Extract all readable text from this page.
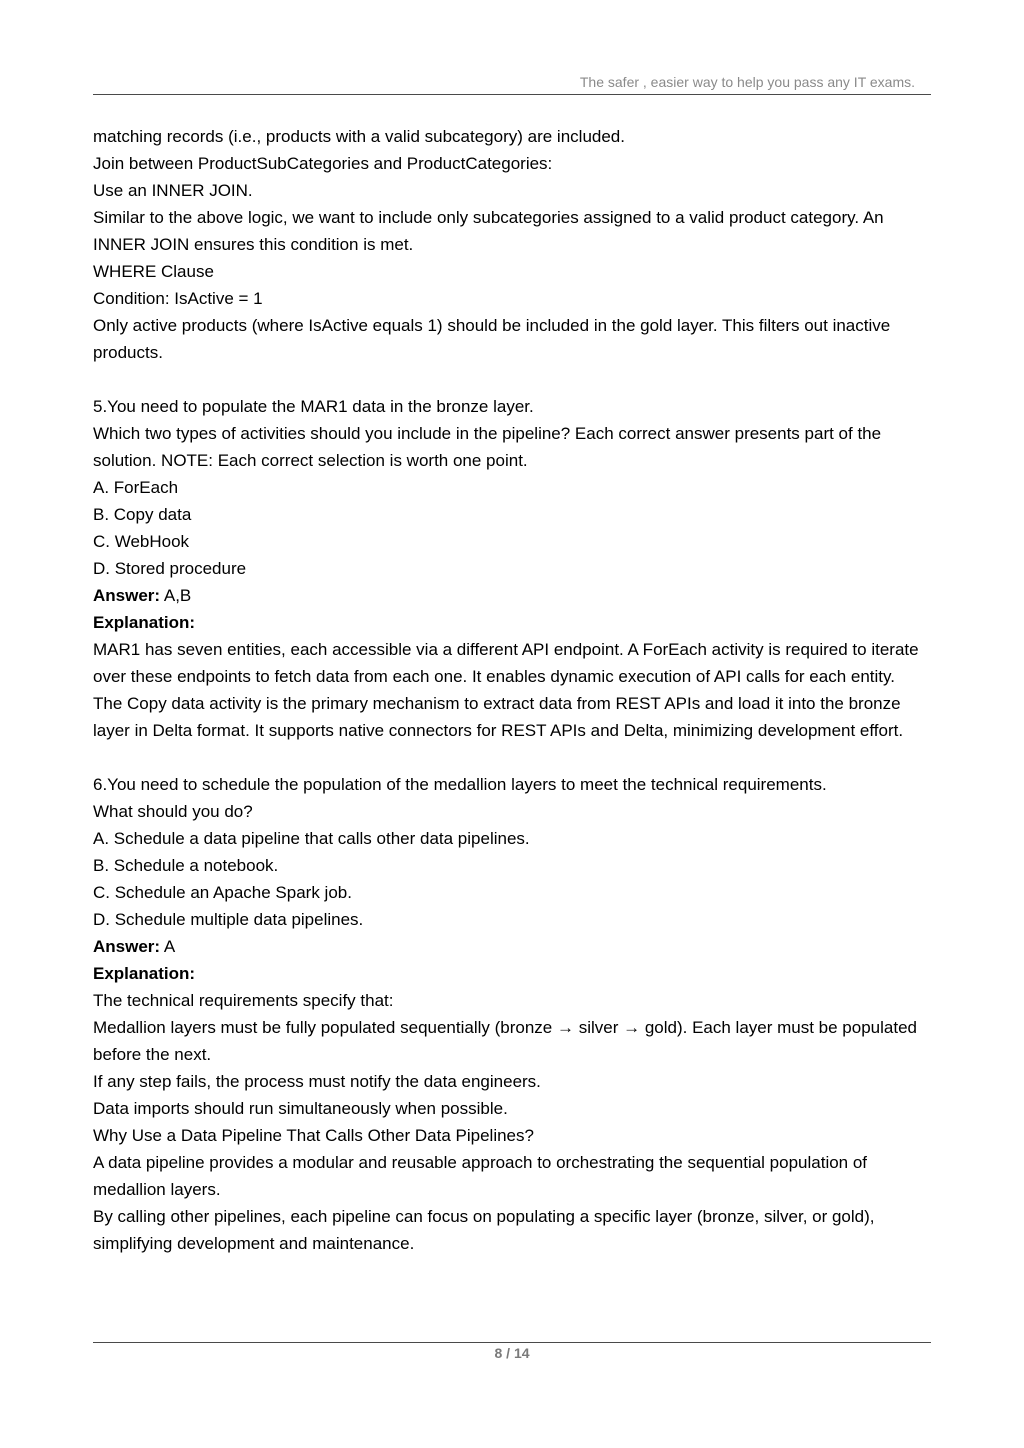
The safer , easier way to help you pass any IT exams.

matching records (i.e., products with a valid subcategory) are included.

Join between ProductSubCategories and ProductCategories:

Use an INNER JOIN.

Similar to the above logic, we want to include only subcategories assigned to a valid product category. An INNER JOIN ensures this condition is met.

WHERE Clause

Condition: IsActive = 1

Only active products (where IsActive equals 1) should be included in the gold layer. This filters out inactive products.

5.You need to populate the MAR1 data in the bronze layer.

Which two types of activities should you include in the pipeline? Each correct answer presents part of the solution. NOTE: Each correct selection is worth one point.

A. ForEach

B. Copy data

C. WebHook

D. Stored procedure

Answer: A,B

Explanation:

MAR1 has seven entities, each accessible via a different API endpoint. A ForEach activity is required to iterate over these endpoints to fetch data from each one. It enables dynamic execution of API calls for each entity.

The Copy data activity is the primary mechanism to extract data from REST APIs and load it into the bronze layer in Delta format. It supports native connectors for REST APIs and Delta, minimizing development effort.

6.You need to schedule the population of the medallion layers to meet the technical requirements.

What should you do?

A. Schedule a data pipeline that calls other data pipelines.

B. Schedule a notebook.

C. Schedule an Apache Spark job.

D. Schedule multiple data pipelines.

Answer: A

Explanation:

The technical requirements specify that:

Medallion layers must be fully populated sequentially (bronze → silver → gold). Each layer must be populated before the next.

If any step fails, the process must notify the data engineers.

Data imports should run simultaneously when possible.

Why Use a Data Pipeline That Calls Other Data Pipelines?

A data pipeline provides a modular and reusable approach to orchestrating the sequential population of medallion layers.

By calling other pipelines, each pipeline can focus on populating a specific layer (bronze, silver, or gold), simplifying development and maintenance.

8 / 14
